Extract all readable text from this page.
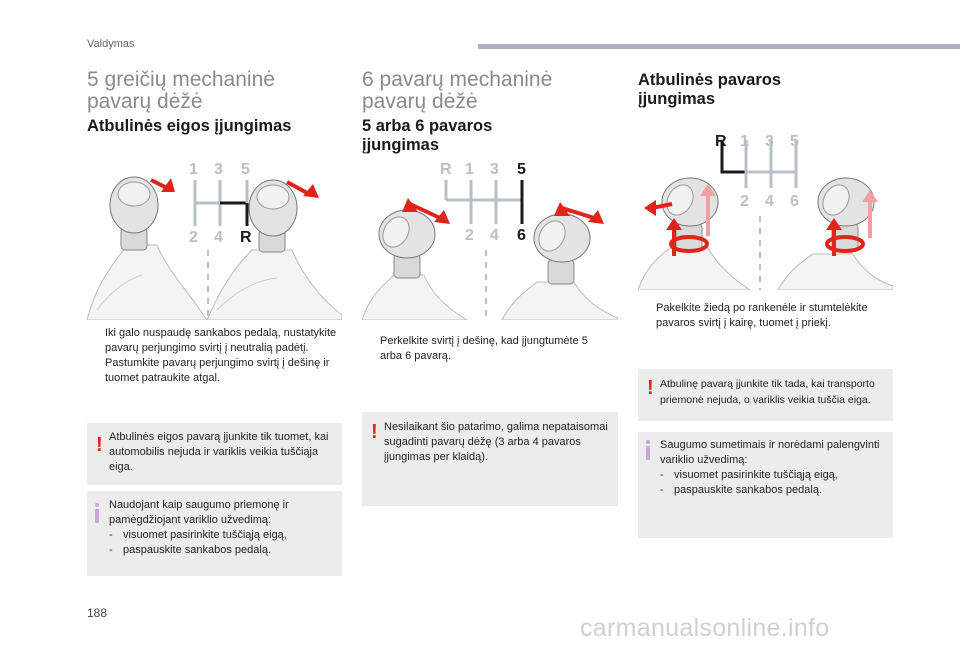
Valdymas
5 greičių mechaninė pavarų dėžė
Atbulinės eigos įjungimas
1 3 5
2 4 R

Iki galo nuspaudę sankabos pedalą, nustatykite pavarų perjungimo svirtį į neutralią padėtį.

Pastumkite pavarų perjungimo svirtį į dešinę ir tuomet patraukite atgal.

! Atbulinės eigos pavarą įjunkite tik tuomet, kai automobilis nejuda ir variklis veikia tuščiąja eiga.
Naudojant kaip saugumo priemonę ir pamėgdžiojant variklio užvedimą:
- visuomet pasirinkite tuščiąją eigą,
- paspauskite sankabos pedalą.
6 pavarų mechaninė pavarų dėžė
5 arba 6 pavaros įjungimas
R 1 3 5
2 4 6

Perkelkite svirtį į dešinę, kad įjungtumėte 5 arba 6 pavarą.

! Nesilaikant šio patarimo, galima nepataisomai sugadinti pavarų dėžę (3 arba 4 pavaros įjungimas per klaidą).
Atbulinės pavaros įjungimas
R 1 3 5
2 4 6

Pakelkite žiedą po rankenėle ir stumtelėkite pavaros svirtį į kairę, tuomet į priekį.

! Atbulinę pavarą įjunkite tik tada, kai transporto priemonė nejuda, o variklis veikia tuščia eiga.
Saugumo sumetimais ir norėdami palengvinti variklio užvedimą:
- visuomet pasirinkite tuščiąją eigą,
- paspauskite sankabos pedalą.
188
carmanualsonline.info
